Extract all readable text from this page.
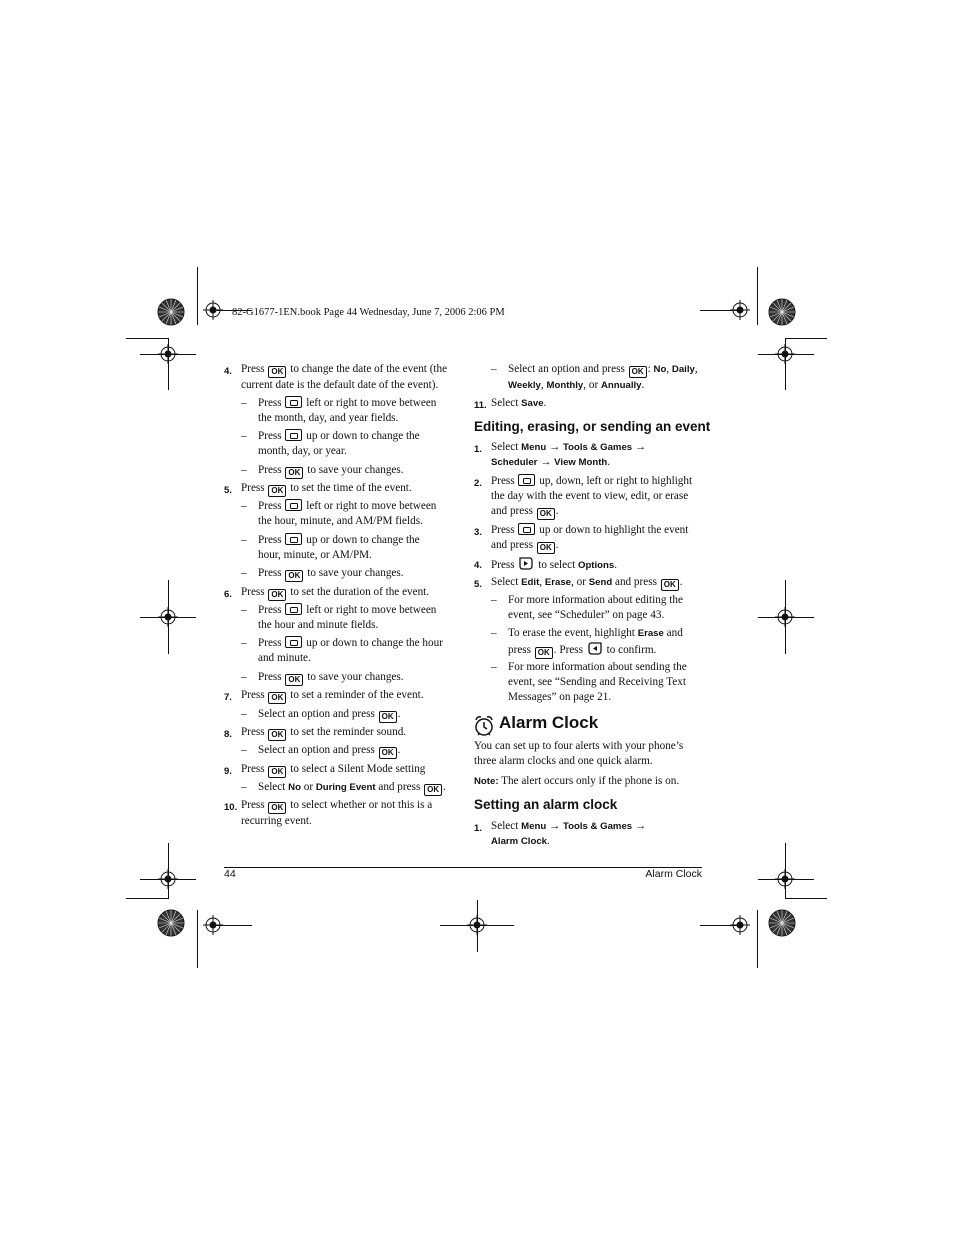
82-G1677-1EN.book Page 44 Wednesday, June 7, 2006 2:06 PM
4. Press OK to change the date of the event (the
current date is the default date of the event).
– Press left or right to move between
the month, day, and year fields.
– Press up or down to change the
month, day, or year.
– Press OK to save your changes.
5. Press OK to set the time of the event.
– Press left or right to move between
the hour, minute, and AM/PM fields.
– Press up or down to change the
hour, minute, or AM/PM.
– Press OK to save your changes.
6. Press OK to set the duration of the event.
– Press left or right to move between
the hour and minute fields.
– Press up or down to change the hour
and minute.
– Press OK to save your changes.
7. Press OK to set a reminder of the event.
– Select an option and press OK .
8. Press OK to set the reminder sound.
– Select an option and press OK .
9. Press OK to select a Silent Mode setting
– Select No or During Event and press OK .
10. Press OK to select whether or not this is a
recurring event.
– Select an option and press OK : No, Daily,
Weekly, Monthly, or Annually.
11. Select Save.
Editing, erasing, or sending an event
1. Select Menu → Tools & Games →
Scheduler → View Month.
2. Press up, down, left or right to highlight
the day with the event to view, edit, or erase
and press OK .
3. Press up or down to highlight the event
and press OK .
4. Press to select Options.
5. Select Edit, Erase, or Send and press OK .
– For more information about editing the
event, see “Scheduler” on page 43.
– To erase the event, highlight Erase and
press OK . Press to confirm.
– For more information about sending the
event, see “Sending and Receiving Text
Messages” on page 21.
Alarm Clock
You can set up to four alerts with your phone’s
three alarm clocks and one quick alarm.
Note: The alert occurs only if the phone is on.
Setting an alarm clock
1. Select Menu → Tools & Games →
Alarm Clock.
44	Alarm Clock
